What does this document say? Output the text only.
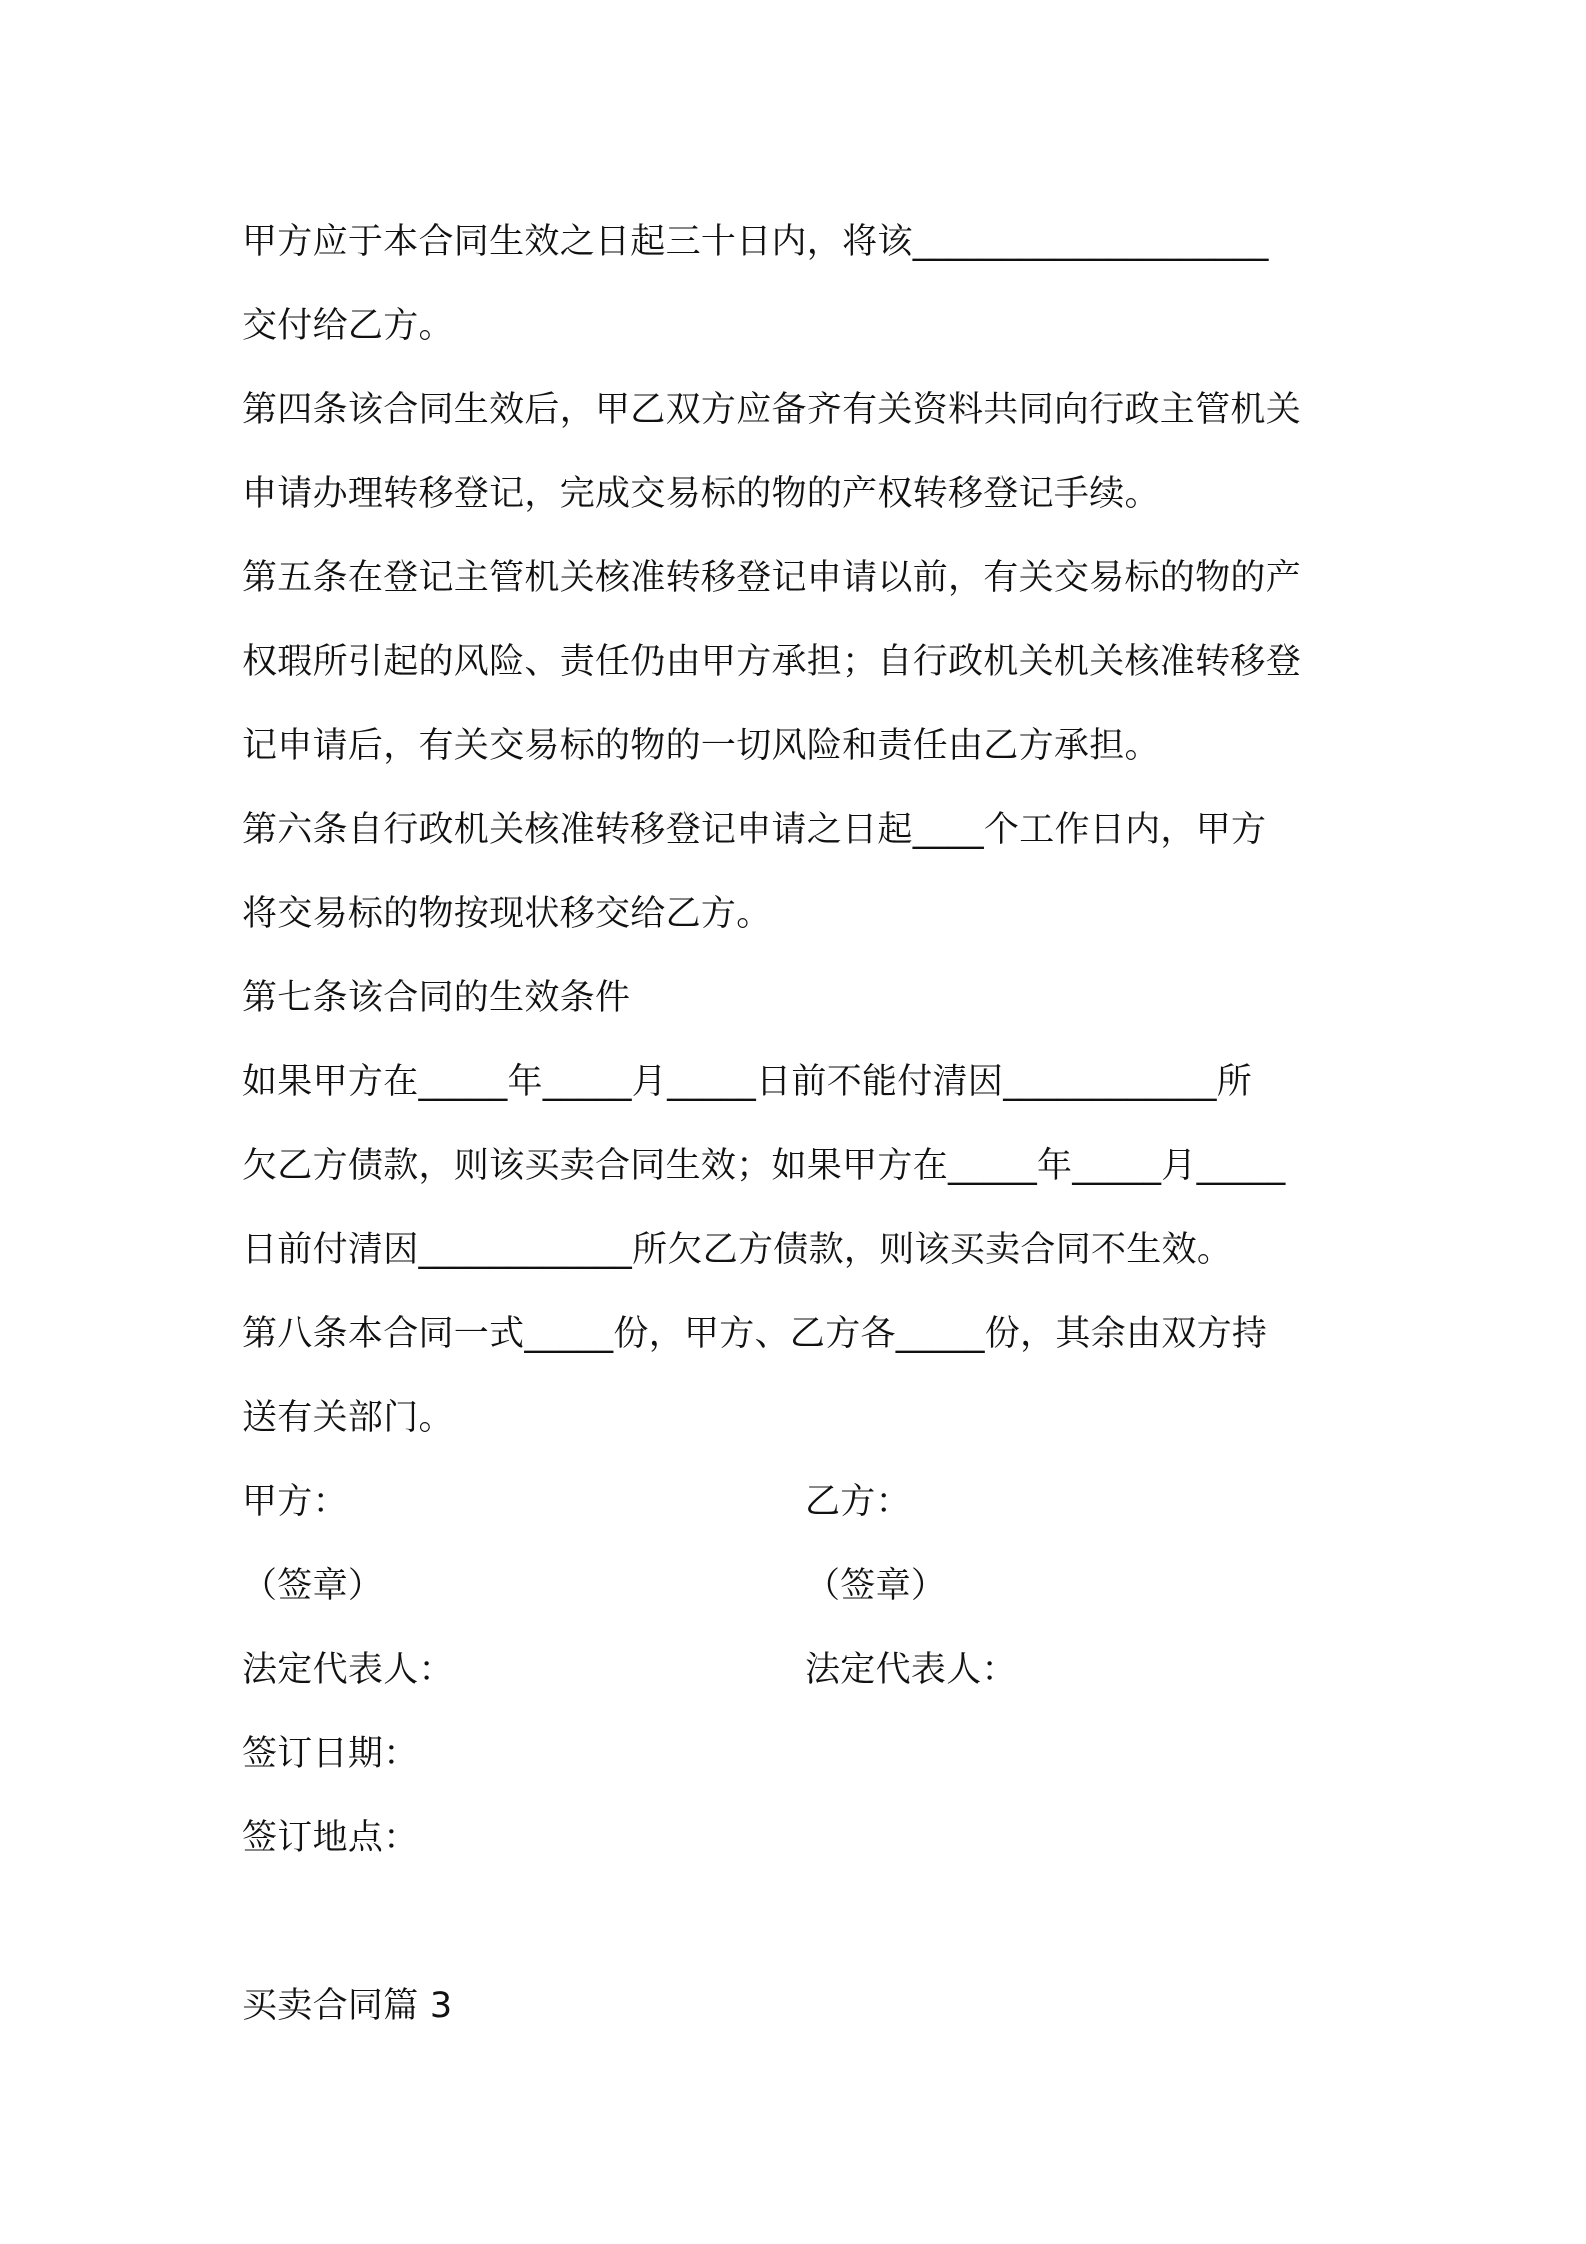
甲方应于本合同生效之日起三十日内，将该____________________
交付给乙方。
第四条该合同生效后，甲乙双方应备齐有关资料共同向行政主管机关
申请办理转移登记，完成交易标的物的产权转移登记手续。
第五条在登记主管机关核准转移登记申请以前，有关交易标的物的产
权瑕所引起的风险、责任仍由甲方承担；自行政机关机关核准转移登
记申请后，有关交易标的物的一切风险和责任由乙方承担。
第六条自行政机关核准转移登记申请之日起____个工作日内，甲方
将交易标的物按现状移交给乙方。
第七条该合同的生效条件
如果甲方在_____年_____月_____日前不能付清因____________所
欠乙方债款，则该买卖合同生效；如果甲方在_____年_____月_____
日前付清因____________所欠乙方债款，则该买卖合同不生效。
第八条本合同一式_____份，甲方、乙方各_____份，其余由双方持
送有关部门。
甲方：	乙方：
（签章）	（签章）
法定代表人：	法定代表人：
签订日期：
签订地点：
买卖合同篇 3
